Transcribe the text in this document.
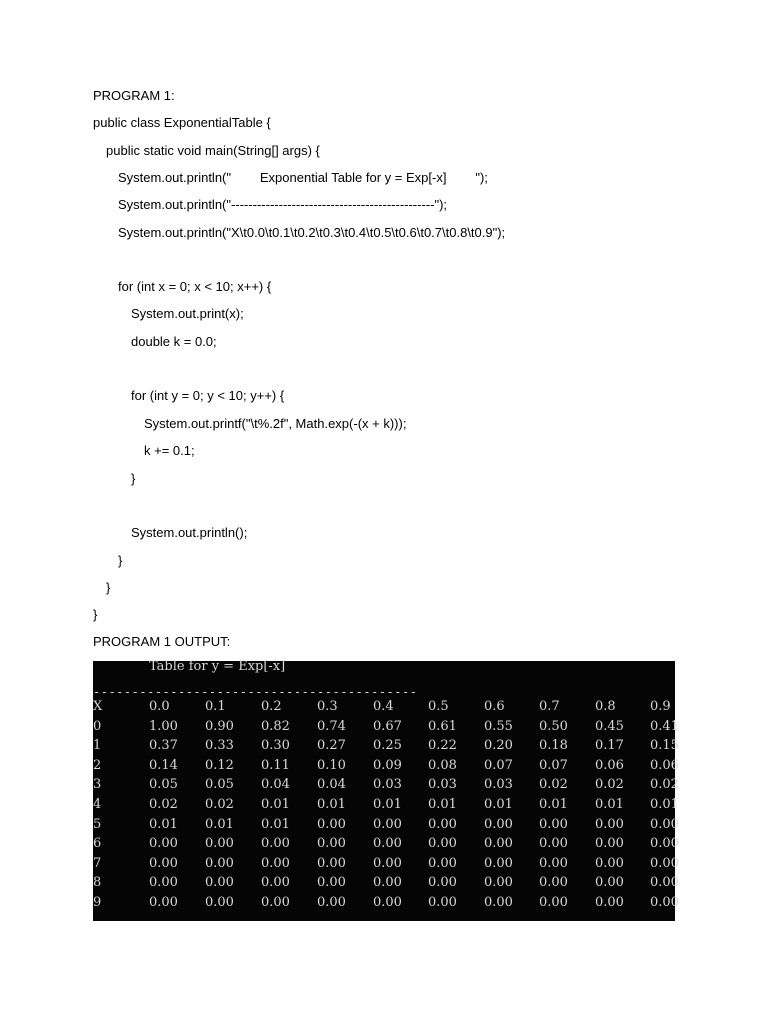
PROGRAM 1:
public class ExponentialTable {
public static void main(String[] args) {
System.out.println("        Exponential Table for y = Exp[-x]        ");
System.out.println("-----------------------------------------------");
System.out.println("X\t0.0\t0.1\t0.2\t0.3\t0.4\t0.5\t0.6\t0.7\t0.8\t0.9");
for (int x = 0; x < 10; x++) {
System.out.print(x);
double k = 0.0;
for (int y = 0; y < 10; y++) {
System.out.printf("\t%.2f", Math.exp(-(x + k)));
k += 0.1;
}
System.out.println();
}
}
}
PROGRAM 1 OUTPUT:
Table for y = Exp[-x]
------------------------------------------
X	0.0	0.1	0.2	0.3	0.4	0.5	0.6	0.7	0.8	0.9
0	1.00 0.90 0.82 0.74 0.67 0.61 0.55 0.50 0.45 0.41
1	0.37 0.33 0.30 0.27 0.25 0.22 0.20 0.18 0.17 0.15
2	0.14 0.12 0.11 0.10 0.09 0.08 0.07 0.07 0.06 0.06
3	0.05 0.05 0.04 0.04 0.03 0.03 0.03 0.02 0.02 0.02
4	0.02 0.02 0.01 0.01 0.01 0.01 0.01 0.01 0.01 0.01
5	0.01 0.01 0.01 0.00 0.00 0.00 0.00 0.00 0.00 0.00
6	0.00 0.00 0.00 0.00 0.00 0.00 0.00 0.00 0.00 0.00
7	0.00 0.00 0.00 0.00 0.00 0.00 0.00 0.00 0.00 0.00
8	0.00 0.00 0.00 0.00 0.00 0.00 0.00 0.00 0.00 0.00
9	0.00 0.00 0.00 0.00 0.00 0.00 0.00 0.00 0.00 0.00
